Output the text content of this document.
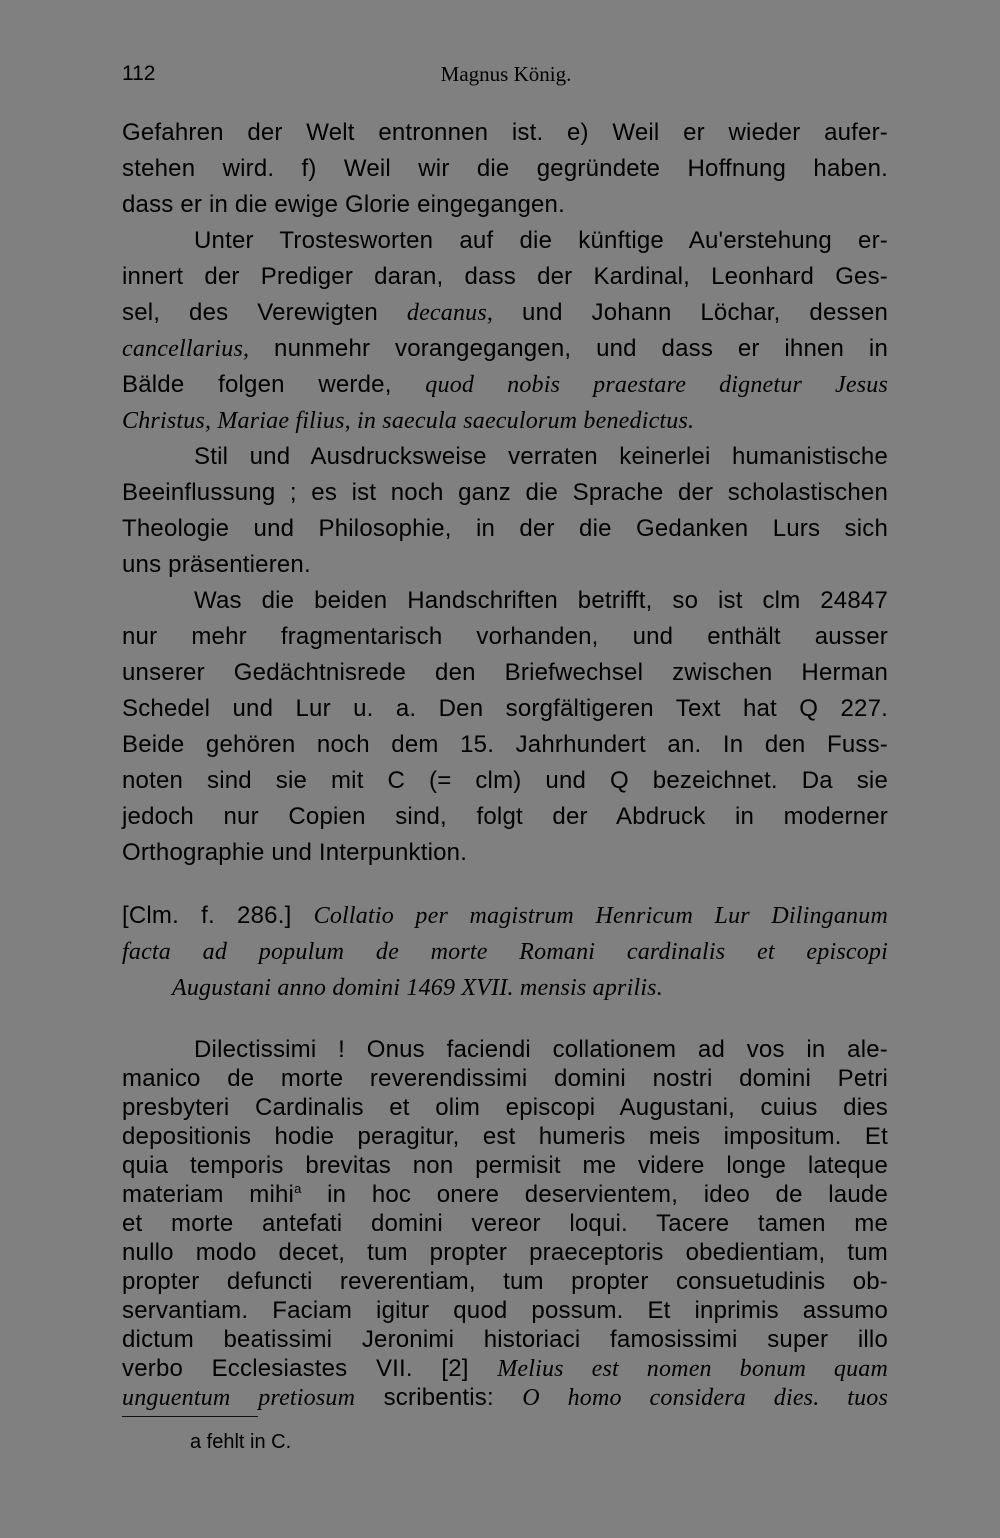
112	Magnus König.

Gefahren der Welt entronnen ist. e) Weil er wieder aufer-

stehen wird. f) Weil wir die gegründete Hoffnung haben.

dass er in die ewige Glorie eingegangen.

Unter Trostesworten auf die künftige Au'erstehung er-

innert der Prediger daran, dass der Kardinal, Leonhard Ges-

sel, des Verewigten decanus, und Johann Löchar, dessen

cancellarius, nunmehr vorangegangen, und dass er ihnen in

Bälde folgen werde, quod nobis praestare dignetur Jesus

Christus, Mariae filius, in saecula saeculorum benedictus.

Stil und Ausdrucksweise verraten keinerlei humanistische

Beeinflussung ; es ist noch ganz die Sprache der scholastischen

Theologie und Philosophie, in der die Gedanken Lurs sich

uns präsentieren.

Was die beiden Handschriften betrifft, so ist clm 24847

nur mehr fragmentarisch vorhanden, und enthält ausser

unserer Gedächtnisrede den Briefwechsel zwischen Herman

Schedel und Lur u. a. Den sorgfältigeren Text hat Q 227.

Beide gehören noch dem 15. Jahrhundert an. In den Fuss-

noten sind sie mit C (= clm) und Q bezeichnet. Da sie

jedoch nur Copien sind, folgt der Abdruck in moderner

Orthographie und Interpunktion.

[Clm. f. 286.] Collatio per magistrum Henricum Lur Dilinganum

facta ad populum de morte Romani cardinalis et episcopi

Augustani anno domini 1469 XVII. mensis aprilis.

Dilectissimi ! Onus faciendi collationem ad vos in ale-

manico de morte reverendissimi domini nostri domini Petri

presbyteri Cardinalis et olim episcopi Augustani, cuius dies

depositionis hodie peragitur, est humeris meis impositum. Et

quia temporis brevitas non permisit me videre longe lateque

materiam mihi$^a$ in hoc onere deservientem, ideo de laude

et morte antefati domini vereor loqui. Tacere tamen me

nullo modo decet, tum propter praeceptoris obedientiam, tum

propter defuncti reverentiam, tum propter consuetudinis ob-

servantiam. Faciam igitur quod possum. Et inprimis assumo

dictum beatissimi Jeronimi historiaci famosissimi super illo

verbo Ecclesiastes VII. [2] Melius est nomen bonum quam

unguentum pretiosum scribentis: O homo considera dies. tuos

a fehlt in C.
